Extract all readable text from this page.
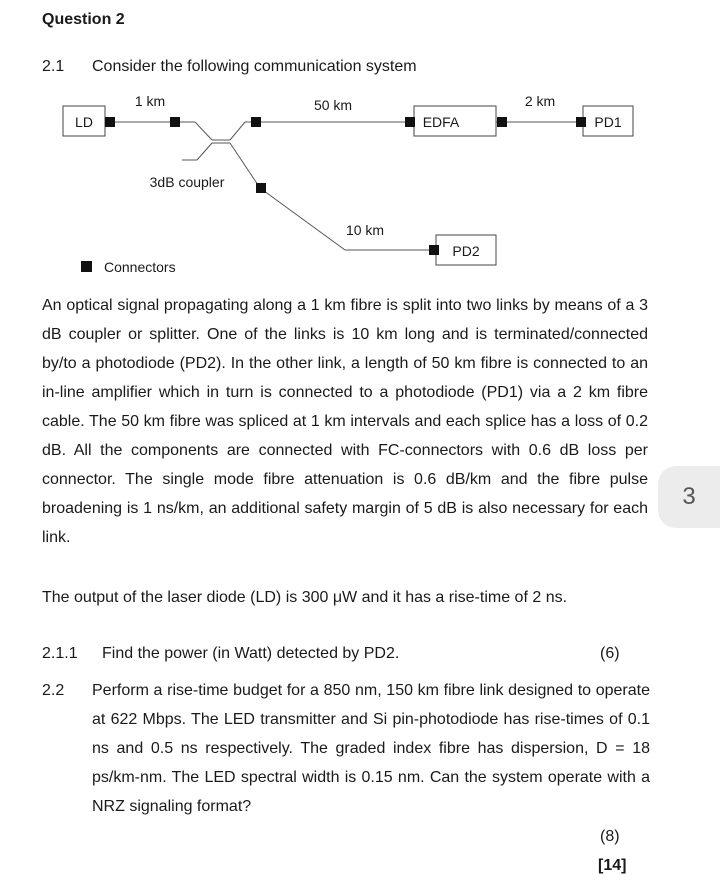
Question 2
2.1 Consider the following communication system
LD	EDFA	PD1
PD2
1 km	50 km	2 km
10 km
3dB coupler
Connectors

An optical signal propagating along a 1 km fibre is split into two links by means of a 3 dB coupler or splitter. One of the links is 10 km long and is terminated/connected by/to a photodiode (PD2). In the other link, a length of 50 km fibre is connected to an in-line amplifier which in turn is connected to a photodiode (PD1) via a 2 km fibre cable. The 50 km fibre was spliced at 1 km intervals and each splice has a loss of 0.2 dB. All the components are connected with FC-connectors with 0.6 dB loss per connector. The single mode fibre attenuation is 0.6 dB/km and the fibre pulse broadening is 1 ns/km, an additional safety margin of 5 dB is also necessary for each link.

The output of the laser diode (LD) is 300 μW and it has a rise-time of 2 ns.

2.1.1 Find the power (in Watt) detected by PD2.	(6)
2.2 Perform a rise-time budget for a 850 nm, 150 km fibre link designed to operate at 622 Mbps. The LED transmitter and Si pin-photodiode has rise-times of 0.1 ns and 0.5 ns respectively. The graded index fibre has dispersion, D = 18 ps/km-nm. The LED spectral width is 0.15 nm. Can the system operate with a NRZ signaling format?

(8)
[14]
3
